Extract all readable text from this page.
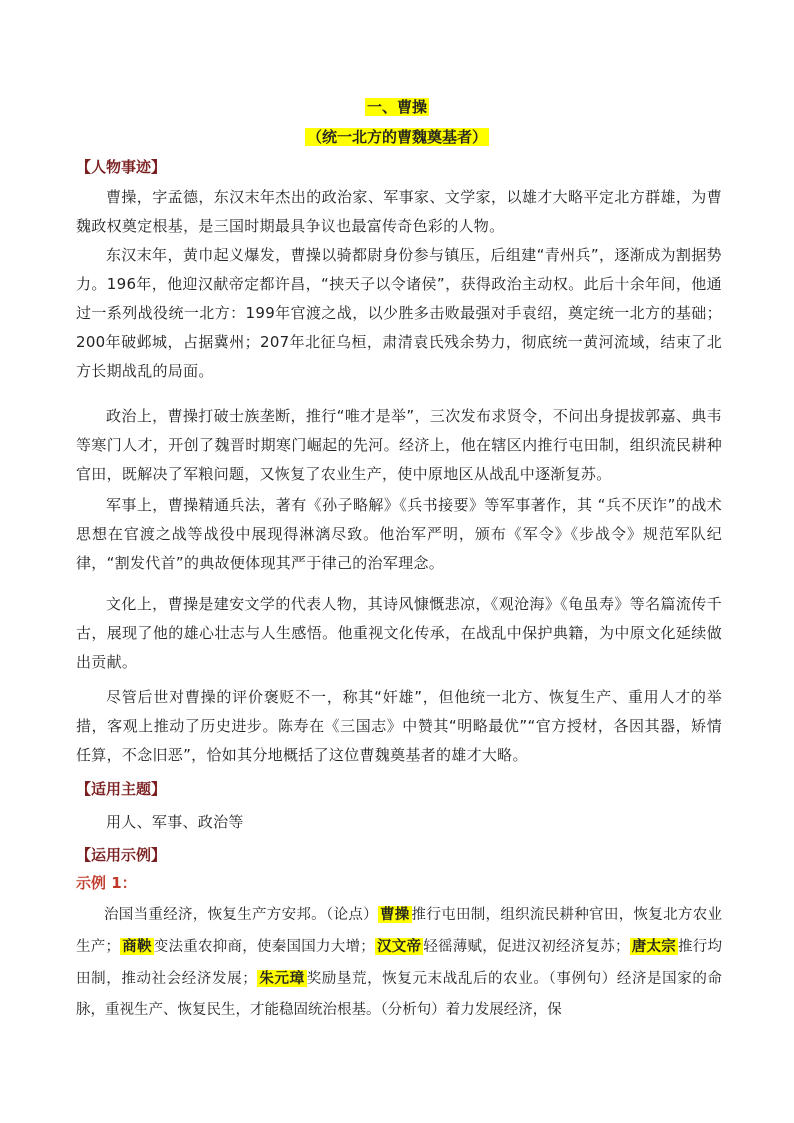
一、曹操
（统一北方的曹魏奠基者）
【人物事迹】

曹操，字孟德，东汉末年杰出的政治家、军事家、文学家，以雄才大略平定北方群雄，为曹魏政权奠定根基，是三国时期最具争议也最富传奇色彩的人物。

东汉末年，黄巾起义爆发，曹操以骑都尉身份参与镇压，后组建“青州兵”，逐渐成为割据势力。196年，他迎汉献帝定都许昌，“挟天子以令诸侯”，获得政治主动权。此后十余年间，他通过一系列战役统一北方：199年官渡之战，以少胜多击败最强对手袁绍，奠定统一北方的基础；200年破邺城，占据冀州；207年北征乌桓，肃清袁氏残余势力，彻底统一黄河流域，结束了北方长期战乱的局面。

政治上，曹操打破士族垄断，推行“唯才是举”，三次发布求贤令，不问出身提拔郭嘉、典韦等寒门人才，开创了魏晋时期寒门崛起的先河。经济上，他在辖区内推行屯田制，组织流民耕种官田，既解决了军粮问题，又恢复了农业生产，使中原地区从战乱中逐渐复苏。

军事上，曹操精通兵法，著有《孙子略解》《兵书接要》等军事著作，其 “兵不厌诈”的战术思想在官渡之战等战役中展现得淋漓尽致。他治军严明，颁布《军令》《步战令》规范军队纪律，“割发代首”的典故便体现其严于律己的治军理念。

文化上，曹操是建安文学的代表人物，其诗风慷慨悲凉，《观沧海》《龟虽寿》等名篇流传千古，展现了他的雄心壮志与人生感悟。他重视文化传承，在战乱中保护典籍，为中原文化延续做出贡献。

尽管后世对曹操的评价褒贬不一，称其“奸雄”，但他统一北方、恢复生产、重用人才的举措，客观上推动了历史进步。陈寿在《三国志》中赞其“明略最优”“官方授材，各因其器，矫情任算，不念旧恶”，恰如其分地概括了这位曹魏奠基者的雄才大略。

【适用主题】

用人、军事、政治等

【运用示例】
示例 1：

治国当重经济，恢复生产方安邦。（论点） 曹操 推行屯田制，组织流民耕种官田，恢复北方农业生产； 商鞅 变法重农抑商，使秦国国力大增； 汉文帝 轻徭薄赋，促进汉初经济复苏； 唐太宗 推行均田制，推动社会经济发展； 朱元璋 奖励垦荒，恢复元末战乱后的农业。（事例句）经济是国家的命脉，重视生产、恢复民生，才能稳固统治根基。（分析句）着力发展经济，保
